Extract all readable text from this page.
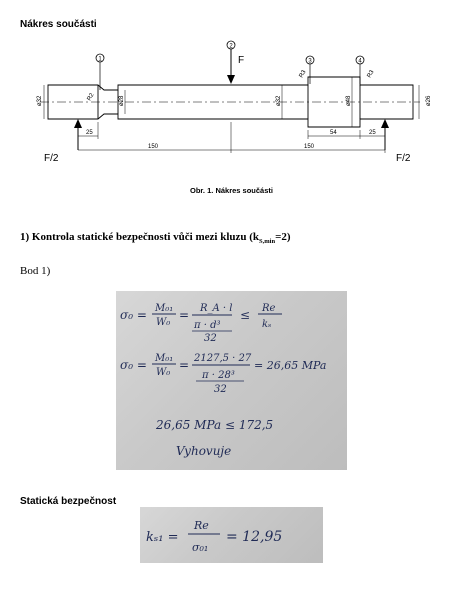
Nákres součásti
1
2
3	4
F
ø32	ø28	ø32	ø48	ø26
R2
R3	R3
25
150	150
54	25
F/2	F/2
Obr. 1. Nákres součásti
1) Kontrola statické bezpečnosti vůči mezi kluzu $(k_{S,min}=2)$
Bod 1)
σ₀ = M₀₁
W₀
= R_A · l
π · d³
32
≤ Re
kₛ
σ₀ = M₀₁
W₀
= 2127,5 · 27
π · 28³
32
= 26,65 MPa
26,65 MPa ≤ 172,5
Vyhovuje
Statická bezpečnost
kₛ₁ =
Re
σ₀₁
= 12,95
